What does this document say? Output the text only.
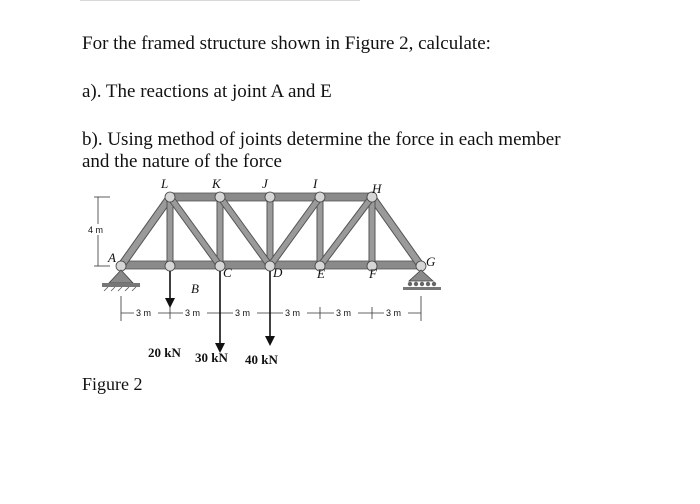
For the framed structure shown in Figure 2, calculate:
a). The reactions at joint A and E
b). Using method of joints determine the force in each member
and the nature of the force
L	K	J	I	H
A
B
C	D	E	F
G
4 m
3 m	3 m	3 m	3 m	3 m	3 m
20 kN 30 kN 40 kN
Figure 2
